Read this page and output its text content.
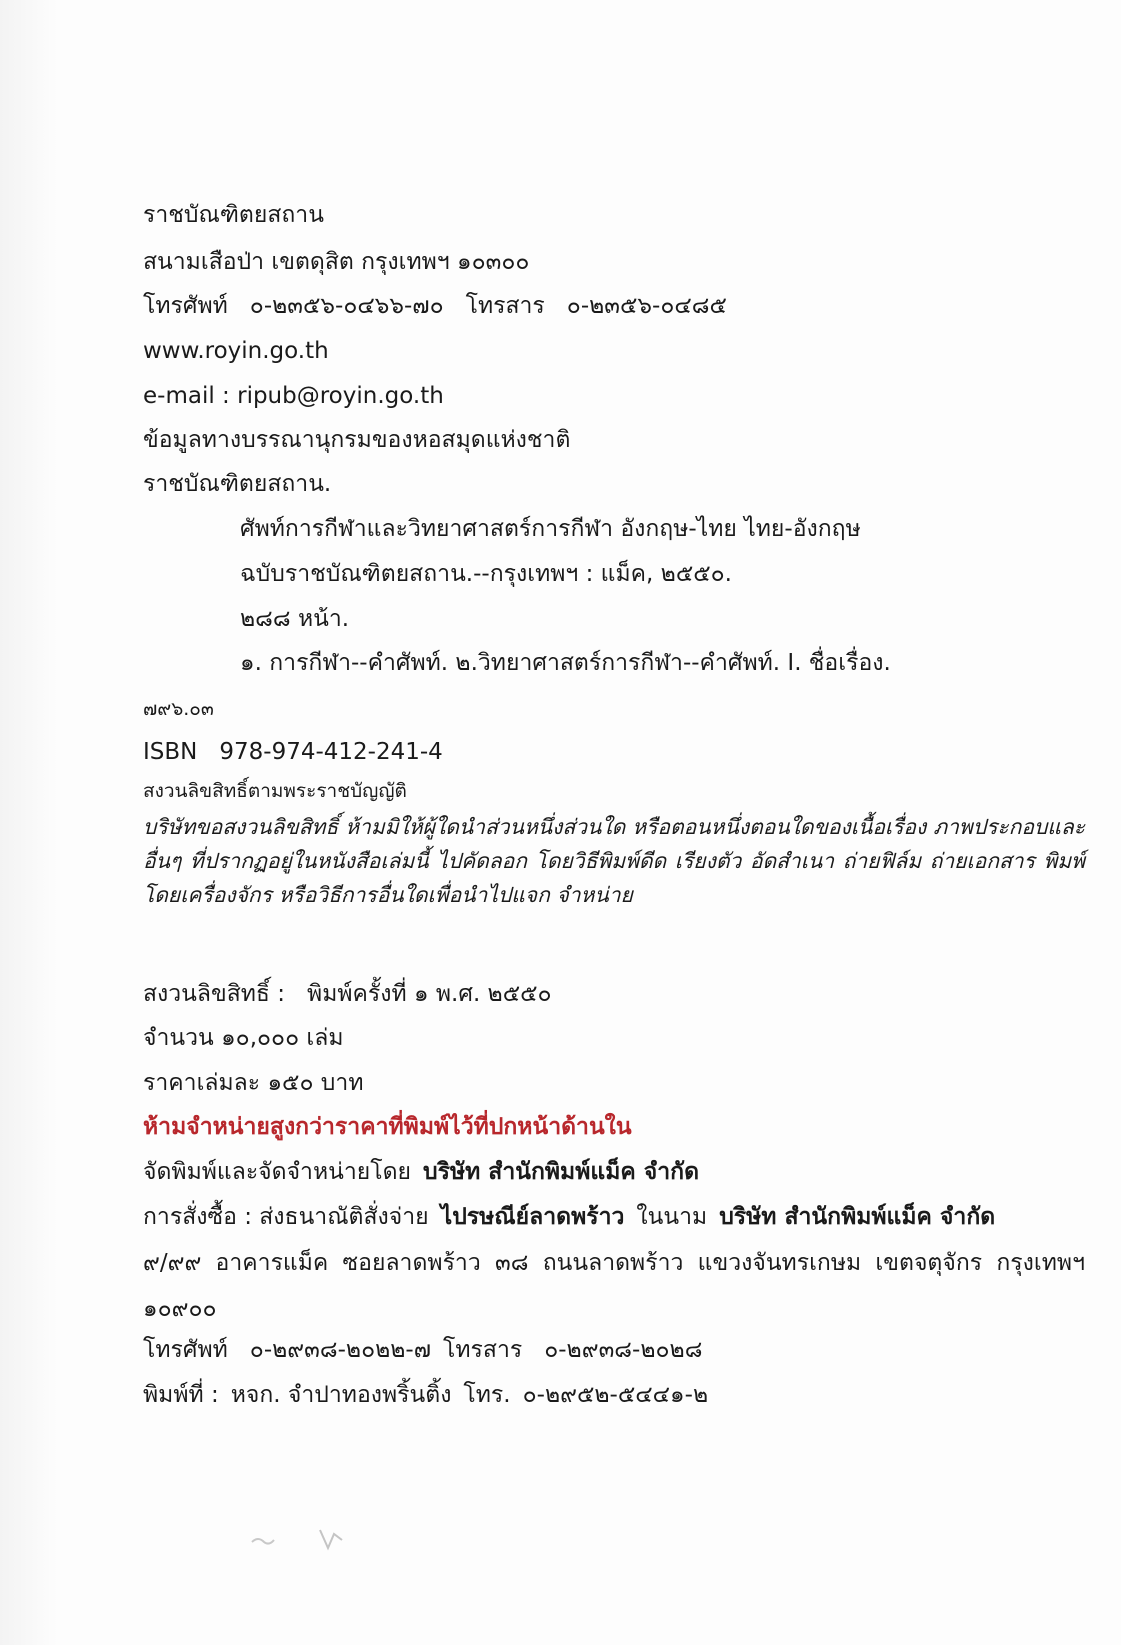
ราชบัณฑิตยสถาน
สนามเสือป่า เขตดุสิต กรุงเทพฯ ๑๐๓๐๐
โทรศัพท์ ๐-๒๓๕๖-๐๔๖๖-๗๐ โทรสาร ๐-๒๓๕๖-๐๔๘๕
www.royin.go.th
e-mail : ripub@royin.go.th
ข้อมูลทางบรรณานุกรมของหอสมุดแห่งชาติ
ราชบัณฑิตยสถาน.
ศัพท์การกีฬาและวิทยาศาสตร์การกีฬา อังกฤษ-ไทย ไทย-อังกฤษ
ฉบับราชบัณฑิตยสถาน.--กรุงเทพฯ : แม็ค, ๒๕๕๐.
๒๘๘ หน้า.
๑. การกีฬา--คำศัพท์. ๒.วิทยาศาสตร์การกีฬา--คำศัพท์. I. ชื่อเรื่อง.
๗๙๖.๐๓
ISBN 978-974-412-241-4
สงวนลิขสิทธิ์ตามพระราชบัญญัติ
บริษัทขอสงวนลิขสิทธิ์ ห้ามมิให้ผู้ใดนำส่วนหนึ่งส่วนใด หรือตอนหนึ่งตอนใดของเนื้อเรื่อง ภาพประกอบและอื่นๆ ที่ปรากฏอยู่ในหนังสือเล่มนี้ ไปคัดลอก โดยวิธีพิมพ์ดีด เรียงตัว อัดสำเนา ถ่ายฟิล์ม ถ่ายเอกสาร พิมพ์โดยเครื่องจักร หรือวิธีการอื่นใดเพื่อนำไปแจก จำหน่าย
สงวนลิขสิทธิ์ : พิมพ์ครั้งที่ ๑ พ.ศ. ๒๕๕๐
จำนวน ๑๐,๐๐๐ เล่ม
ราคาเล่มละ ๑๕๐ บาท
ห้ามจำหน่ายสูงกว่าราคาที่พิมพ์ไว้ที่ปกหน้าด้านใน
จัดพิมพ์และจัดจำหน่ายโดย บริษัท สำนักพิมพ์แม็ค จำกัด
การสั่งซื้อ : ส่งธนาณัติสั่งจ่าย ไปรษณีย์ลาดพร้าว ในนาม บริษัท สำนักพิมพ์แม็ค จำกัด
๙/๙๙ อาคารแม็ค ซอยลาดพร้าว ๓๘ ถนนลาดพร้าว แขวงจันทรเกษม เขตจตุจักร กรุงเทพฯ ๑๐๙๐๐
โทรศัพท์ ๐-๒๙๓๘-๒๐๒๒-๗ โทรสาร ๐-๒๙๓๘-๒๐๒๘
พิมพ์ที่ : หจก. จำปาทองพริ้นติ้ง โทร. ๐-๒๙๕๒-๕๔๔๑-๒
